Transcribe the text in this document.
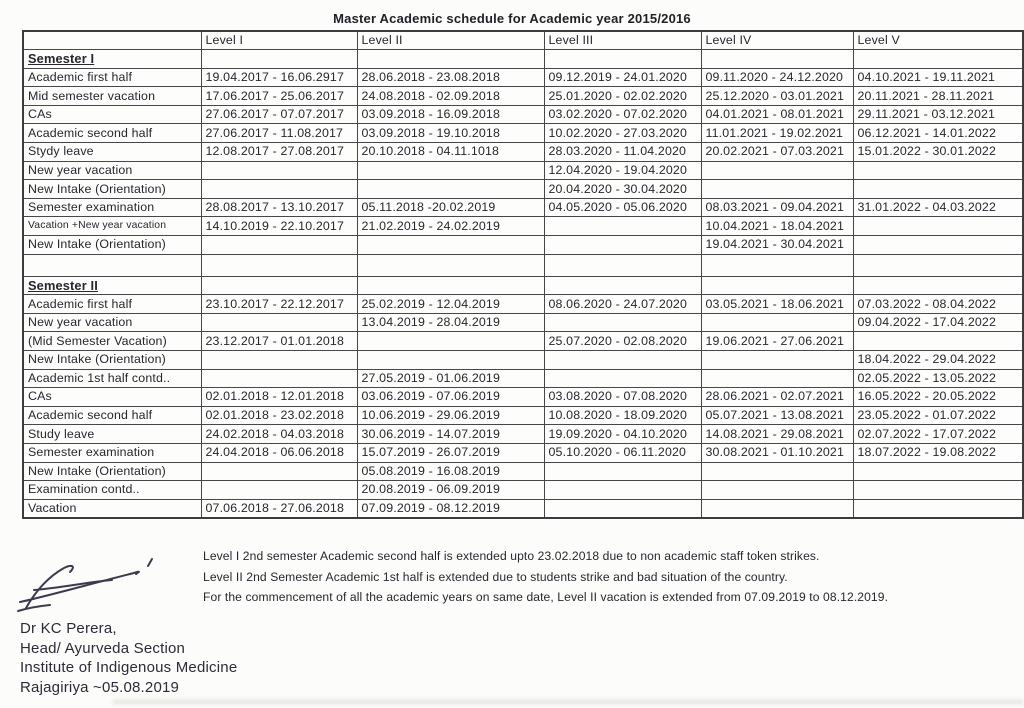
Master Academic schedule for Academic year 2015/2016
	Level I	Level II	Level III	Level IV	Level V
Semester I					
Academic first half	19.04.2017 - 16.06.2917	28.06.2018 - 23.08.2018	09.12.2019 - 24.01.2020	09.11.2020 - 24.12.2020	04.10.2021 - 19.11.2021
Mid semester vacation	17.06.2017 - 25.06.2017	24.08.2018 - 02.09.2018	25.01.2020 - 02.02.2020	25.12.2020 - 03.01.2021	20.11.2021 - 28.11.2021
CAs	27.06.2017 - 07.07.2017	03.09.2018 - 16.09.2018	03.02.2020 - 07.02.2020	04.01.2021 - 08.01.2021	29.11.2021 - 03.12.2021
Academic second half	27.06.2017 - 11.08.2017	03.09.2018 - 19.10.2018	10.02.2020 - 27.03.2020	11.01.2021 - 19.02.2021	06.12.2021 - 14.01.2022
Stydy leave	12.08.2017 - 27.08.2017	20.10.2018 - 04.11.1018	28.03.2020 - 11.04.2020	20.02.2021 - 07.03.2021	15.01.2022 - 30.01.2022
New year vacation			12.04.2020 - 19.04.2020		
New Intake (Orientation)			20.04.2020 - 30.04.2020		
Semester examination	28.08.2017 - 13.10.2017	05.11.2018 -20.02.2019	04.05.2020 - 05.06.2020	08.03.2021 - 09.04.2021	31.01.2022 - 04.03.2022
Vacation +New year vacation	14.10.2019 - 22.10.2017	21.02.2019 - 24.02.2019		10.04.2021 - 18.04.2021	
New Intake (Orientation)				19.04.2021 - 30.04.2021	

Semester II					
Academic first half	23.10.2017 - 22.12.2017	25.02.2019 - 12.04.2019	08.06.2020 - 24.07.2020	03.05.2021 - 18.06.2021	07.03.2022 - 08.04.2022
New year vacation		13.04.2019 - 28.04.2019			09.04.2022 - 17.04.2022
(Mid Semester Vacation)	23.12.2017 - 01.01.2018		25.07.2020 - 02.08.2020	19.06.2021 - 27.06.2021	
New Intake (Orientation)					18.04.2022 - 29.04.2022
Academic 1st half contd..		27.05.2019 - 01.06.2019			02.05.2022 - 13.05.2022
CAs	02.01.2018 - 12.01.2018	03.06.2019 - 07.06.2019	03.08.2020 - 07.08.2020	28.06.2021 - 02.07.2021	16.05.2022 - 20.05.2022
Academic second half	02.01.2018 - 23.02.2018	10.06.2019 - 29.06.2019	10.08.2020 - 18.09.2020	05.07.2021 - 13.08.2021	23.05.2022 - 01.07.2022
Study leave	24.02.2018 - 04.03.2018	30.06.2019 - 14.07.2019	19.09.2020 - 04.10.2020	14.08.2021 - 29.08.2021	02.07.2022 - 17.07.2022
Semester examination	24.04.2018 - 06.06.2018	15.07.2019 - 26.07.2019	05.10.2020 - 06.11.2020	30.08.2021 - 01.10.2021	18.07.2022 - 19.08.2022
New Intake (Orientation)		05.08.2019 - 16.08.2019			
Examination contd..		20.08.2019 - 06.09.2019			
Vacation	07.06.2018 - 27.06.2018	07.09.2019 - 08.12.2019			
Level I 2nd semester Academic second half is extended upto 23.02.2018 due to non academic staff token strikes.
Level II 2nd Semester Academic 1st half is extended due to students strike and bad situation of the country.
For the commencement of all the academic years on same date, Level II vacation is extended from 07.09.2019 to 08.12.2019.
Dr KC Perera,
Head/ Ayurveda Section
Institute of Indigenous Medicine
Rajagiriya ~05.08.2019
